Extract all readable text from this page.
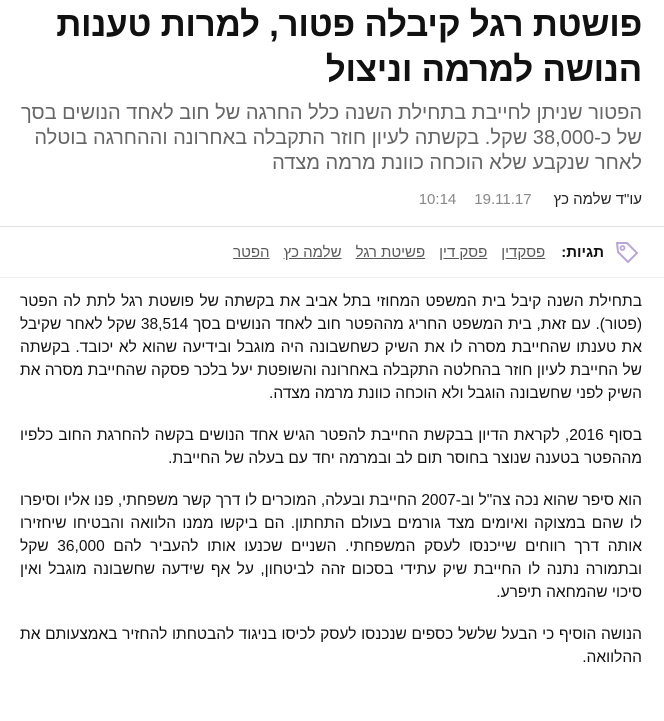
פושטת רגל קיבלה פטור, למרות טענות הנושה למרמה וניצול

הפטור שניתן לחייבת בתחילת השנה כלל החרגה של חוב לאחד הנושים בסך של כ-38,000 שקל. בקשתה לעיון חוזר התקבלה באחרונה וההחרגה בוטלה לאחר שנקבע שלא הוכחה כוונת מרמה מצדה

עו"ד שלמה כץ
19.11.17
10:14
תגיות:
פסקדין
פסק דין
פשיטת רגל
שלמה כץ
הפטר

בתחילת השנה קיבל בית המשפט המחוזי בתל אביב את בקשתה של פושטת רגל לתת לה הפטר (פטור). עם זאת, בית המשפט החריג מההפטר חוב לאחד הנושים בסך 38,514 שקל לאחר שקיבל את טענתו שהחייבת מסרה לו את השיק כשחשבונה היה מוגבל ובידיעה שהוא לא יכובד. בקשתה של החייבת לעיון חוזר בהחלטה התקבלה באחרונה והשופטת יעל בלכר פסקה שהחייבת מסרה את השיק לפני שחשבונה הוגבל ולא הוכחה כוונת מרמה מצדה.

בסוף 2016, לקראת הדיון בבקשת החייבת להפטר הגיש אחד הנושים בקשה להחרגת החוב כלפיו מההפטר בטענה שנוצר בחוסר תום לב ובמרמה יחד עם בעלה של החייבת.

הוא סיפר שהוא נכה צה"ל וב-2007 החייבת ובעלה, המוכרים לו דרך קשר משפחתי, פנו אליו וסיפרו לו שהם במצוקה ואיומים מצד גורמים בעולם התחתון. הם ביקשו ממנו הלוואה והבטיחו שיחזירו אותה דרך רווחים שייכנסו לעסק המשפחתי. השניים שכנעו אותו להעביר להם 36,000 שקל ובתמורה נתנה לו החייבת שיק עתידי בסכום זהה לביטחון, על אף שידעה שחשבונה מוגבל ואין סיכוי שהמחאה תיפרע.

הנושה הוסיף כי הבעל שלשל כספים שנכנסו לעסק לכיסו בניגוד להבטחתו להחזיר באמצעותם את ההלוואה.
